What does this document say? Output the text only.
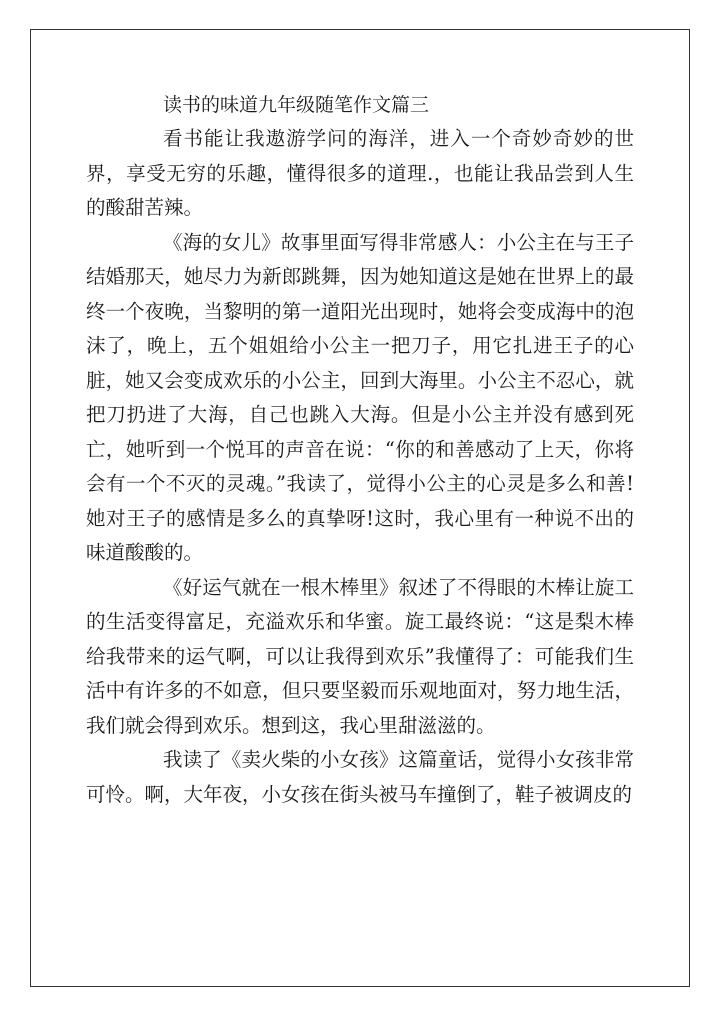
读书的味道九年级随笔作文篇三

看书能让我遨游学问的海洋，进入一个奇妙奇妙的世界，享受无穷的乐趣，懂得很多的道理.，也能让我品尝到人生的酸甜苦辣。

《海的女儿》故事里面写得非常感人：小公主在与王子结婚那天，她尽力为新郎跳舞，因为她知道这是她在世界上的最终一个夜晚，当黎明的第一道阳光出现时，她将会变成海中的泡沫了，晚上，五个姐姐给小公主一把刀子，用它扎进王子的心脏，她又会变成欢乐的小公主，回到大海里。小公主不忍心，就把刀扔进了大海，自己也跳入大海。但是小公主并没有感到死亡，她听到一个悦耳的声音在说：“你的和善感动了上天，你将会有一个不灭的灵魂。”我读了，觉得小公主的心灵是多么和善!她对王子的感情是多么的真挚呀!这时，我心里有一种说不出的味道酸酸的。

《好运气就在一根木棒里》叙述了不得眼的木棒让旋工的生活变得富足，充溢欢乐和华蜜。旋工最终说：“这是梨木棒给我带来的运气啊，可以让我得到欢乐”我懂得了：可能我们生活中有许多的不如意，但只要坚毅而乐观地面对，努力地生活，我们就会得到欢乐。想到这，我心里甜滋滋的。

我读了《卖火柴的小女孩》这篇童话，觉得小女孩非常可怜。啊，大年夜，小女孩在街头被马车撞倒了，鞋子被调皮的
